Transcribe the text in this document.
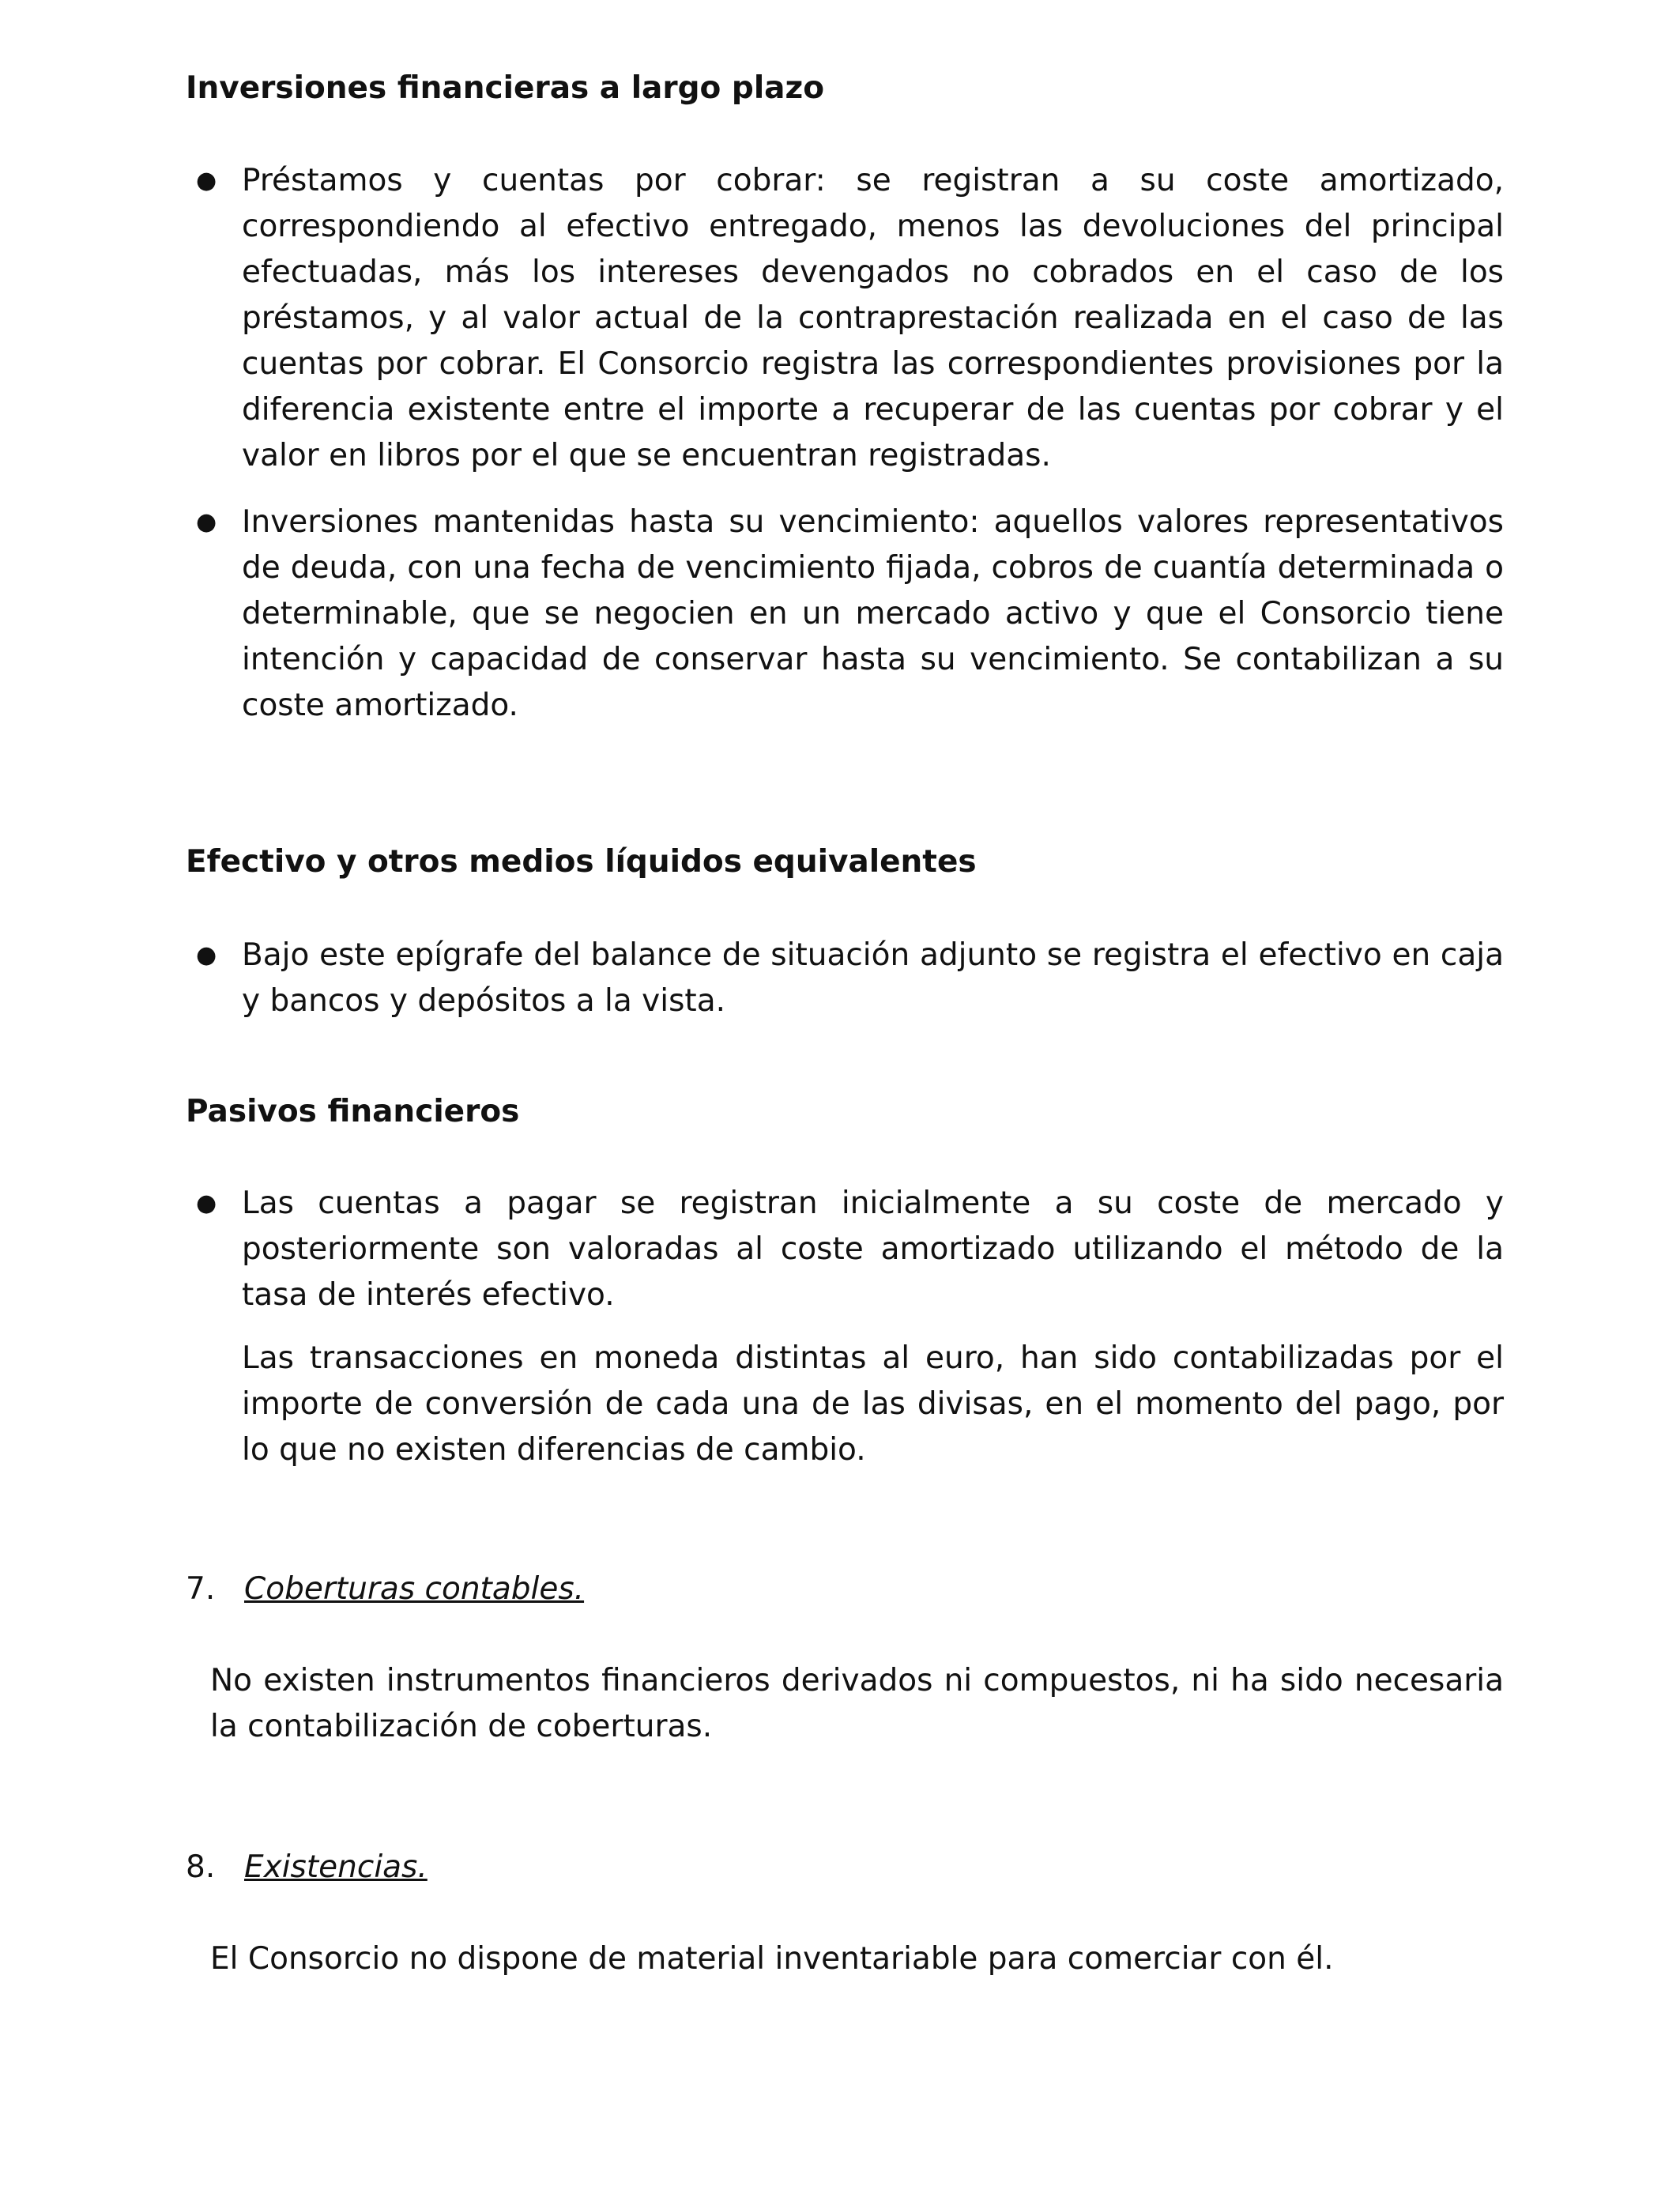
Inversiones financieras a largo plazo
● Préstamos y cuentas por cobrar: se registran a su coste amortizado, correspondiendo al efectivo entregado, menos las devoluciones del principal efectuadas, más los intereses devengados no cobrados en el caso de los préstamos, y al valor actual de la contraprestación realizada en el caso de las cuentas por cobrar. El Consorcio registra las correspondientes provisiones por la diferencia existente entre el importe a recuperar de las cuentas por cobrar y el valor en libros por el que se encuentran registradas.
● Inversiones mantenidas hasta su vencimiento: aquellos valores representativos de deuda, con una fecha de vencimiento fijada, cobros de cuantía determinada o determinable, que se negocien en un mercado activo y que el Consorcio tiene intención y capacidad de conservar hasta su vencimiento. Se contabilizan a su coste amortizado.
Efectivo y otros medios líquidos equivalentes
● Bajo este epígrafe del balance de situación adjunto se registra el efectivo en caja y bancos y depósitos a la vista.
Pasivos financieros
● Las cuentas a pagar se registran inicialmente a su coste de mercado y posteriormente son valoradas al coste amortizado utilizando el método de la tasa de interés efectivo.
Las transacciones en moneda distintas al euro, han sido contabilizadas por el importe de conversión de cada una de las divisas, en el momento del pago, por lo que no existen diferencias de cambio.
7. Coberturas contables.
No existen instrumentos financieros derivados ni compuestos, ni ha sido necesaria la contabilización de coberturas.
8. Existencias.
El Consorcio no dispone de material inventariable para comerciar con él.
